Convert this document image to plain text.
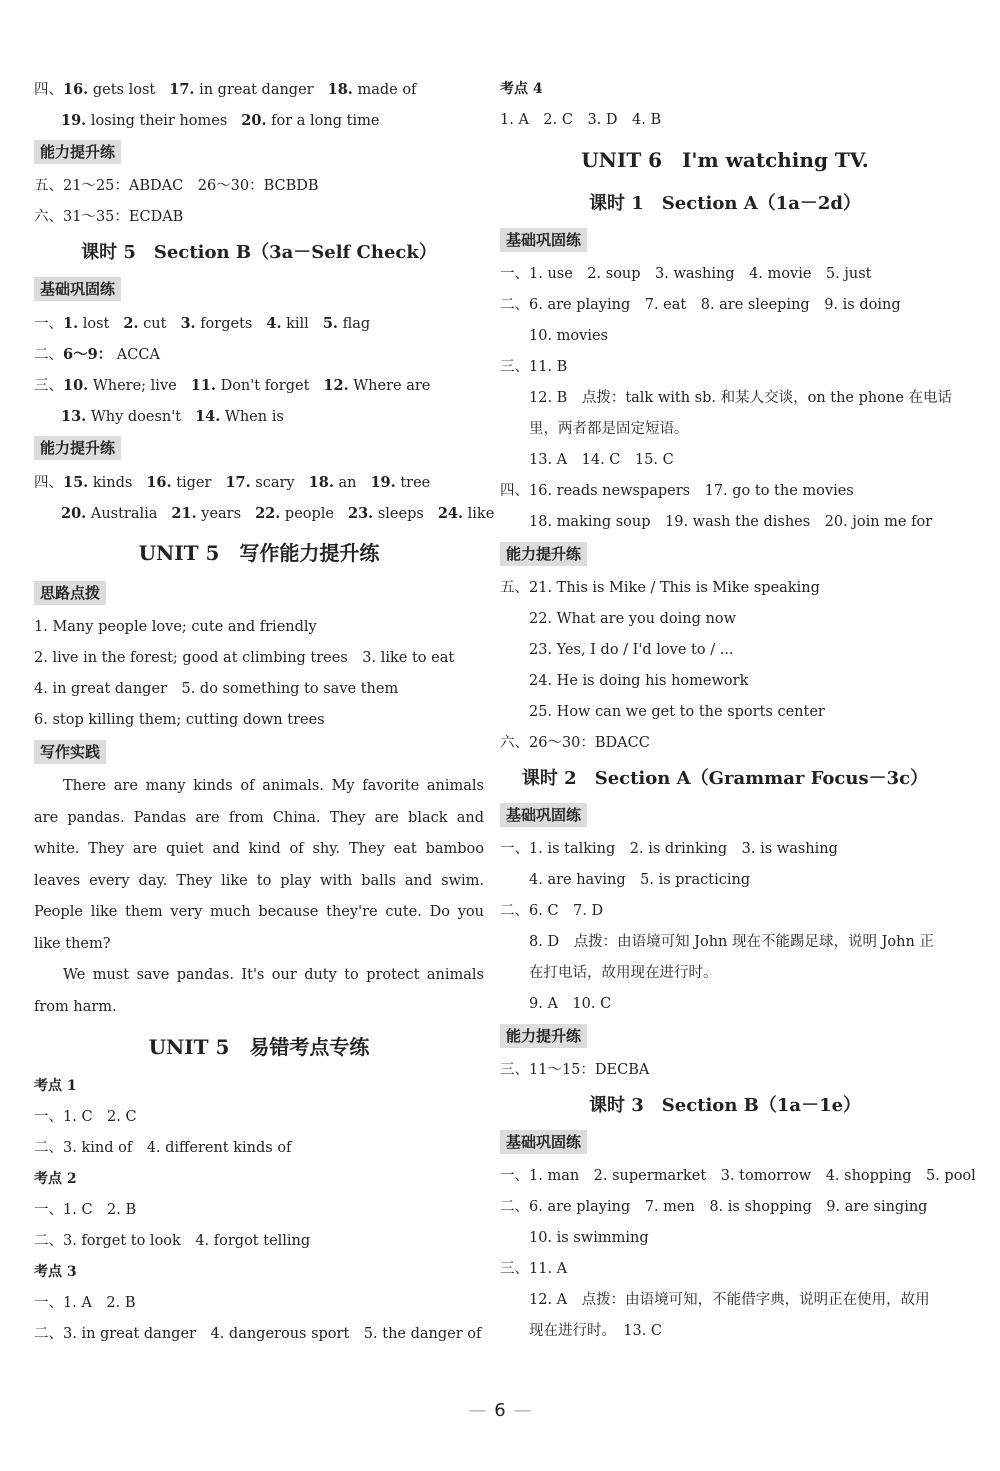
四、16. gets lost 17. in great danger 18. made of
19. losing their homes 20. for a long time
能力提升练
五、21～25：ABDAC　26～30：BCBDB
六、31～35：ECDAB
课时 5　Section B（3a－Self Check）
基础巩固练
一、1. lost 2. cut 3. forgets 4. kill 5. flag
二、6～9： ACCA
三、10. Where; live 11. Don't forget 12. Where are
13. Why doesn't 14. When is
能力提升练
四、15. kinds 16. tiger 17. scary 18. an 19. tree
20. Australia 21. years 22. people 23. sleeps 24. like
UNIT 5　写作能力提升练
思路点拨
1. Many people love; cute and friendly
2. live in the forest; good at climbing trees　3. like to eat
4. in great danger　5. do something to save them
6. stop killing them; cutting down trees
写作实践

There are many kinds of animals. My favorite animals are pandas. Pandas are from China. They are black and white. They are quiet and kind of shy. They eat bamboo leaves every day. They like to play with balls and swim. People like them very much because they're cute. Do you like them?

We must save pandas. It's our duty to protect animals from harm.

UNIT 5　易错考点专练
考点 1
一、1. C　2. C
二、3. kind of　4. different kinds of
考点 2
一、1. C　2. B
二、3. forget to look　4. forgot telling
考点 3
一、1. A　2. B
二、3. in great danger　4. dangerous sport　5. the danger of
考点 4
1. A　2. C　3. D　4. B
UNIT 6　I'm watching TV.
课时 1　Section A（1a－2d）
基础巩固练
一、1. use　2. soup　3. washing　4. movie　5. just
二、6. are playing　7. eat　8. are sleeping　9. is doing
　　10. movies
三、11. B
　　12. B　点拨：talk with sb. 和某人交谈，on the phone 在电话
　　里，两者都是固定短语。
　　13. A　14. C　15. C
四、16. reads newspapers　17. go to the movies
　　18. making soup　19. wash the dishes　20. join me for
能力提升练
五、21. This is Mike / This is Mike speaking
　　22. What are you doing now
　　23. Yes, I do / I'd love to / ...
　　24. He is doing his homework
　　25. How can we get to the sports center
六、26～30：BDACC
课时 2　Section A（Grammar Focus－3c）
基础巩固练
一、1. is talking　2. is drinking　3. is washing
　　4. are having　5. is practicing
二、6. C　7. D
　　8. D　点拨：由语境可知 John 现在不能踢足球，说明 John 正
　　在打电话，故用现在进行时。
　　9. A　10. C
能力提升练
三、11～15：DECBA
课时 3　Section B（1a－1e）
基础巩固练
一、1. man　2. supermarket　3. tomorrow　4. shopping　5. pool
二、6. are playing　7. men　8. is shopping　9. are singing
　　10. is swimming
三、11. A
　　12. A　点拨：由语境可知，不能借字典，说明正在使用，故用
　　现在进行时。　13. C
— 6 —
